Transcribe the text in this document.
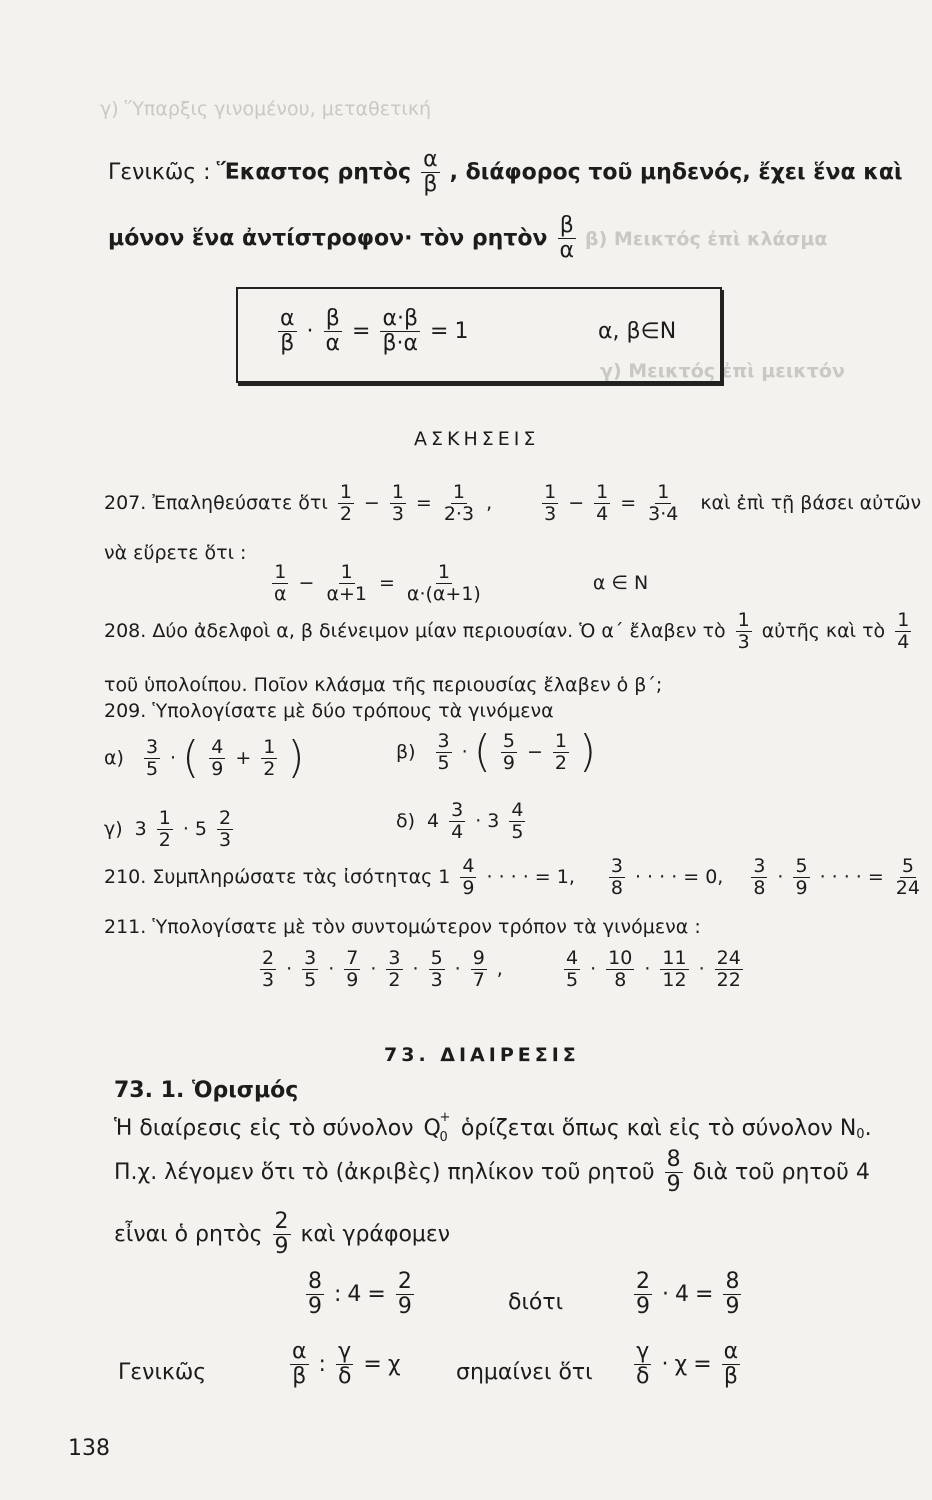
γ) Ὕπαρξις γινομένου, μεταθετική
β) Μεικτός ἐπὶ κλάσμα
γ) Μεικτός ἐπὶ μεικτόν
Γενικῶς : Ἕκαστος ρητὸς
α
β , διάφορος τοῦ μηδενός, ἔχει ἕνα καὶ
μόνον ἕνα ἀντίστροφον· τὸν ρητὸν
β
α
α
$\beta \cdot \frac{\beta}{\alpha} = \frac{\alpha\cdot\beta}{\beta\cdot\alpha} = 1$	α, β∈N
ΑΣΚΗΣΕΙΣ
207. Ἐπαληθεύσατε ὅτι
1
$2 - \frac{1}{3} = \frac{1}{2\cdot 3}$ ,
1
$3 - \frac{1}{4} = \frac{1}{3\cdot 4}$ καὶ ἐπὶ τῇ βάσει αὐτῶν
νὰ εὕρετε ὅτι :
1
$\alpha - \frac{1}{\alpha+1} = \frac{1}{\alpha\cdot(\alpha+1)}$	α ∈ N
208. Δύο ἀδελφοὶ α, β διένειμον μίαν περιουσίαν. Ὁ α΄ ἔλαβεν τὸ
1
3 αὐτῆς καὶ τὸ
1
4
τοῦ ὑπολοίπου. Ποῖον κλάσμα τῆς περιουσίας ἔλαβεν ὁ β΄;
209. Ὑπολογίσατε μὲ δύο τρόπους τὰ γινόμενα
α)
3
5 · ( 4
$9 + \frac{1}{2}$ )	β)
3
5 · ( 5
$9 - \frac{1}{2}$ )
γ) 3
1
2 · 5
2
3
δ) 4
3
4 · 3
4
5
210. Συμπληρώσατε τὰς ἰσότητας 1
4
9 · · · · = 1,
3
8 · · · · = 0,
3
8 ·
5
9 · · · · = $\frac{5}{24}$
211. Ὑπολογίσατε μὲ τὸν συντομώτερον τρόπον τὰ γινόμενα :
2
3 ·
3
5 ·
7
9 ·
3
2 ·
5
3 ·
9
7 ,
4
5 ·
10
8 ·
11
12 ·
24
22
73. ΔΙΑΙΡΕΣΙΣ
73. 1. Ὁρισμός
Ἡ διαίρεσις εἰς τὸ σύνολον Q
+
0 ὁρίζεται ὅπως καὶ εἰς τὸ σύνολον $N_0$ .
Π.χ. λέγομεν ὅτι τὸ (ἀκριβὲς) πηλίκον τοῦ ρητοῦ
8
9 διὰ τοῦ ρητοῦ 4
εἶναι ὁ ρητὸς
2
9 καὶ γράφομεν
8
9 : $4 = \frac{2}{9}$	διότι
2
$9 \cdot 4 = \frac{8}{9}$
Γενικῶς
α
β : $\frac{\gamma}{\delta} = \chi$	σημαίνει ὅτι
γ
$\delta \cdot \chi = \frac{\alpha}{\beta}$
138
